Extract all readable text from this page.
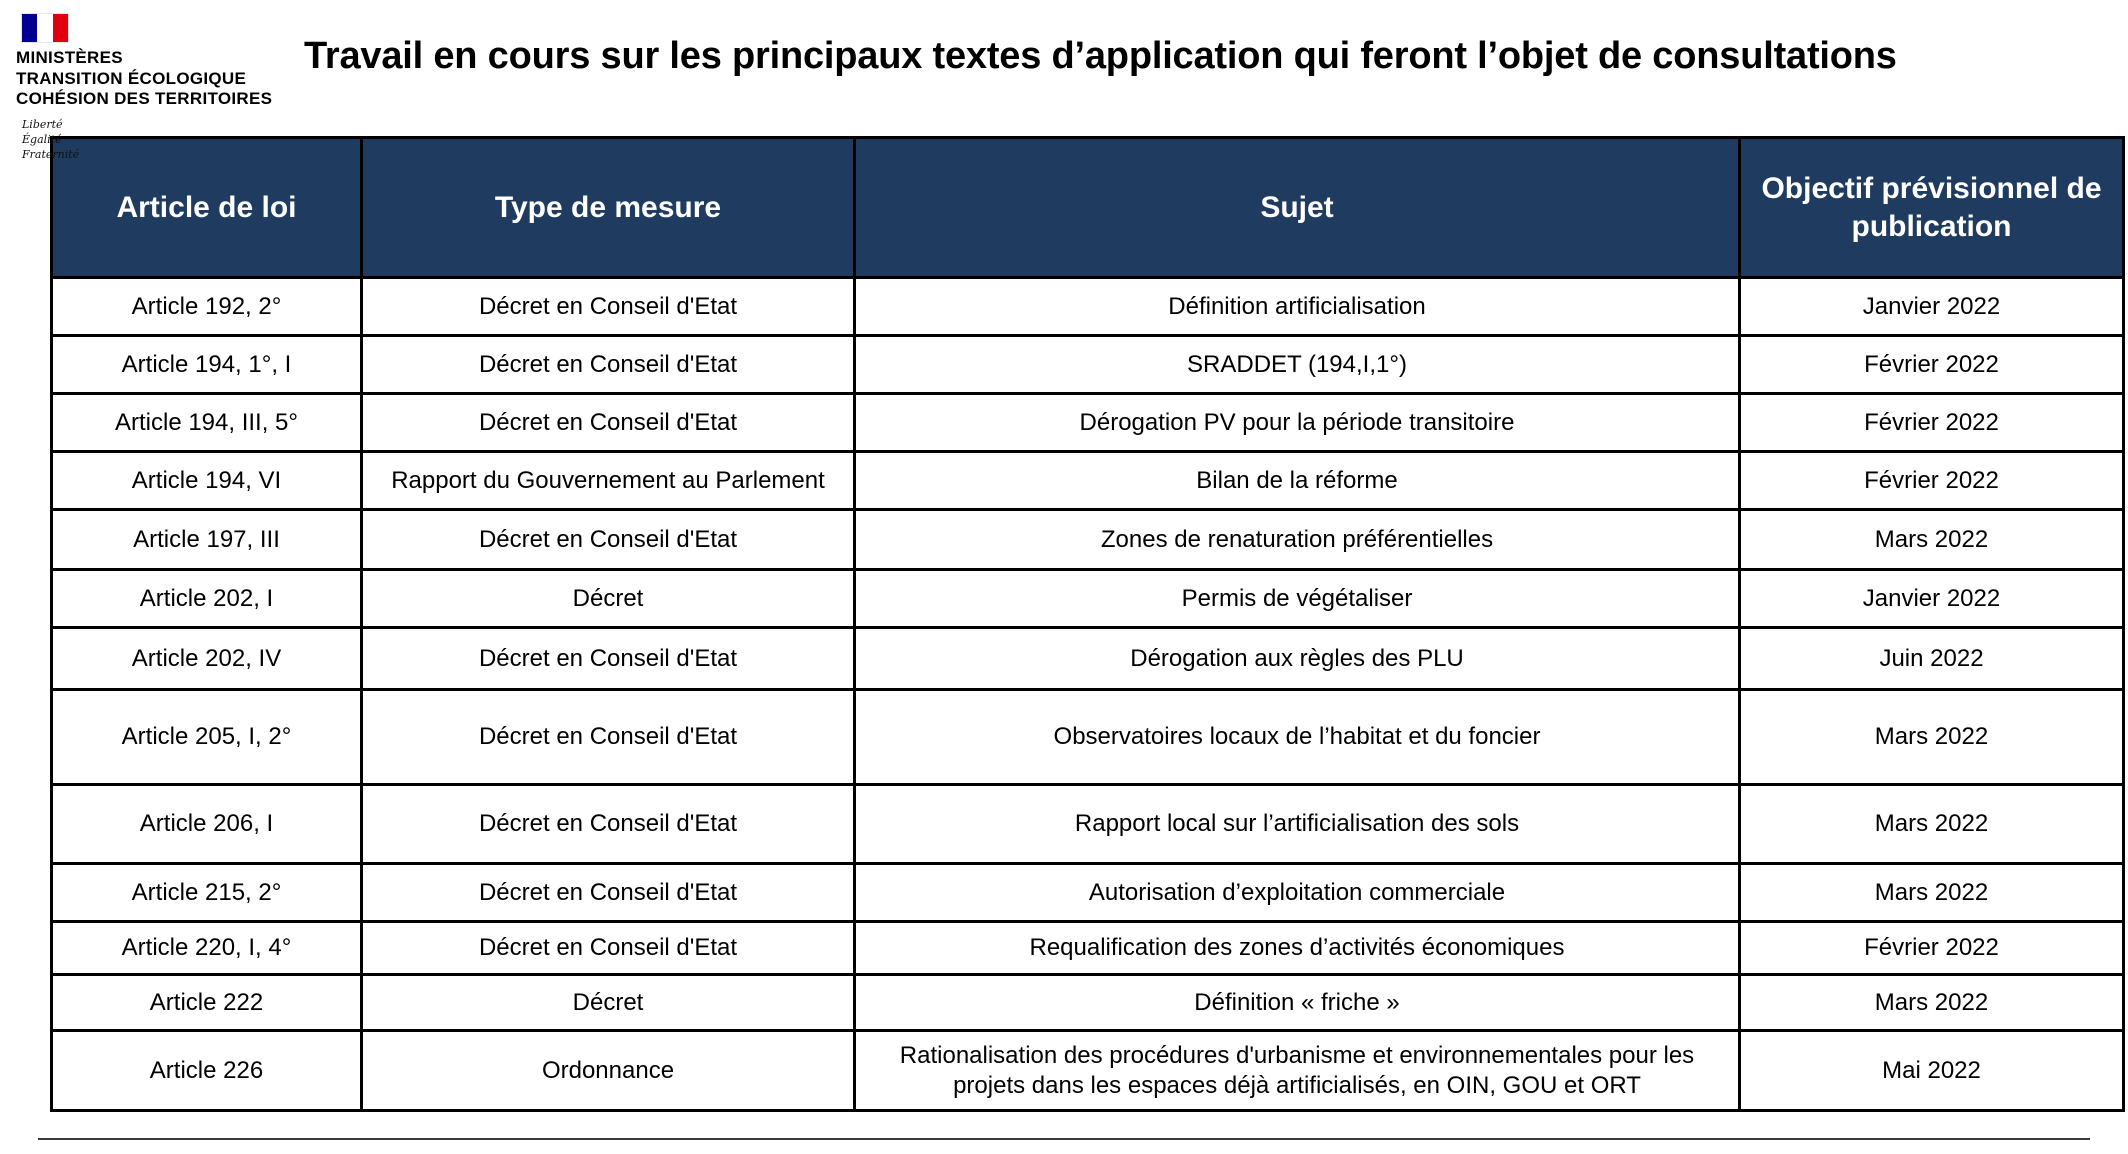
MINISTÈRES
TRANSITION ÉCOLOGIQUE
COHÉSION DES TERRITOIRES
Liberté
Égalité
Fraternité
Travail en cours sur les principaux textes d’application qui feront l’objet de consultations
Article de loi	Type de mesure	Sujet	Objectif prévisionnel de publication
Article 192, 2°	Décret en Conseil d'Etat	Définition artificialisation	Janvier 2022
Article 194, 1°, I	Décret en Conseil d'Etat	SRADDET (194,I,1°)	Février 2022
Article 194, III, 5°	Décret en Conseil d'Etat	Dérogation PV pour la période transitoire	Février 2022
Article 194, VI	Rapport du Gouvernement au Parlement	Bilan de la réforme	Février 2022
Article 197, III	Décret en Conseil d'Etat	Zones de renaturation préférentielles	Mars 2022
Article 202, I	Décret	Permis de végétaliser	Janvier 2022
Article 202, IV	Décret en Conseil d'Etat	Dérogation aux règles des PLU	Juin 2022
Article 205, I, 2°	Décret en Conseil d'Etat	Observatoires locaux de l’habitat et du foncier	Mars 2022
Article 206, I	Décret en Conseil d'Etat	Rapport local sur l’artificialisation des sols	Mars 2022
Article 215, 2°	Décret en Conseil d'Etat	Autorisation d’exploitation commerciale	Mars 2022
Article 220, I, 4°	Décret en Conseil d'Etat	Requalification des zones d’activités économiques	Février 2022
Article 222	Décret	Définition « friche »	Mars 2022
Article 226	Ordonnance	Rationalisation des procédures d'urbanisme et environnementales pour les projets dans les espaces déjà artificialisés, en OIN, GOU et ORT	Mai 2022
